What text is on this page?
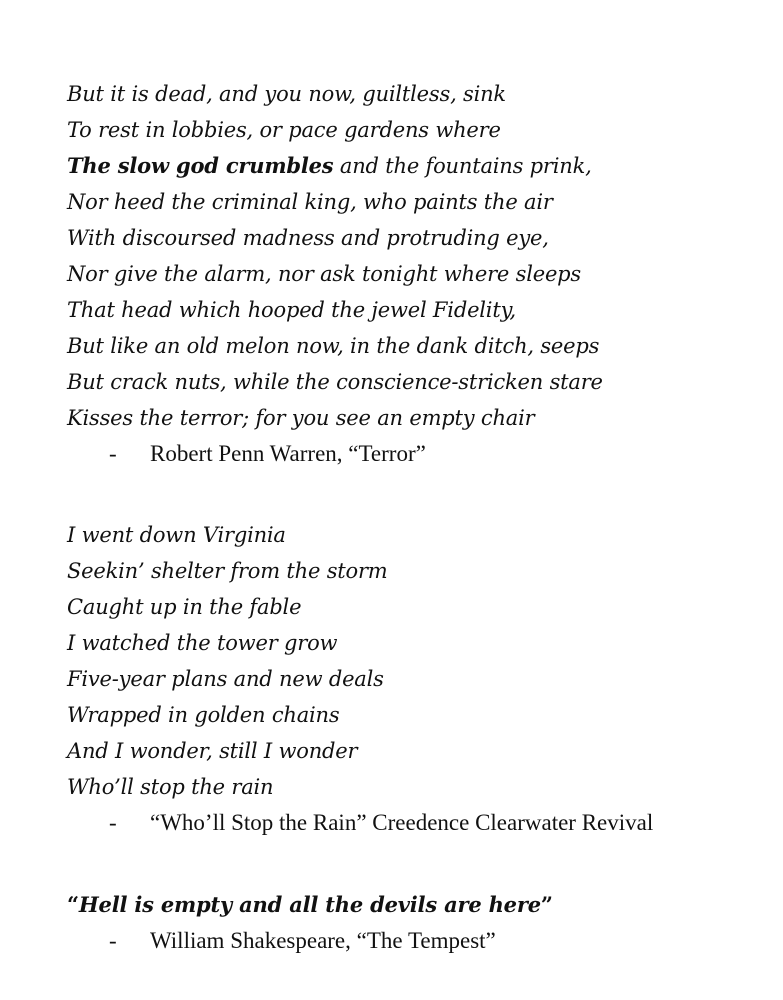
But it is dead, and you now, guiltless, sink
To rest in lobbies, or pace gardens where
The slow god crumbles and the fountains prink,
Nor heed the criminal king, who paints the air
With discoursed madness and protruding eye,
Nor give the alarm, nor ask tonight where sleeps
That head which hooped the jewel Fidelity,
But like an old melon now, in the dank ditch, seeps
But crack nuts, while the conscience-stricken stare
Kisses the terror; for you see an empty chair
- Robert Penn Warren, “Terror”
I went down Virginia
Seekin’ shelter from the storm
Caught up in the fable
I watched the tower grow
Five-year plans and new deals
Wrapped in golden chains
And I wonder, still I wonder
Who’ll stop the rain
- “Who’ll Stop the Rain” Creedence Clearwater Revival
“Hell is empty and all the devils are here”
- William Shakespeare, “The Tempest”
